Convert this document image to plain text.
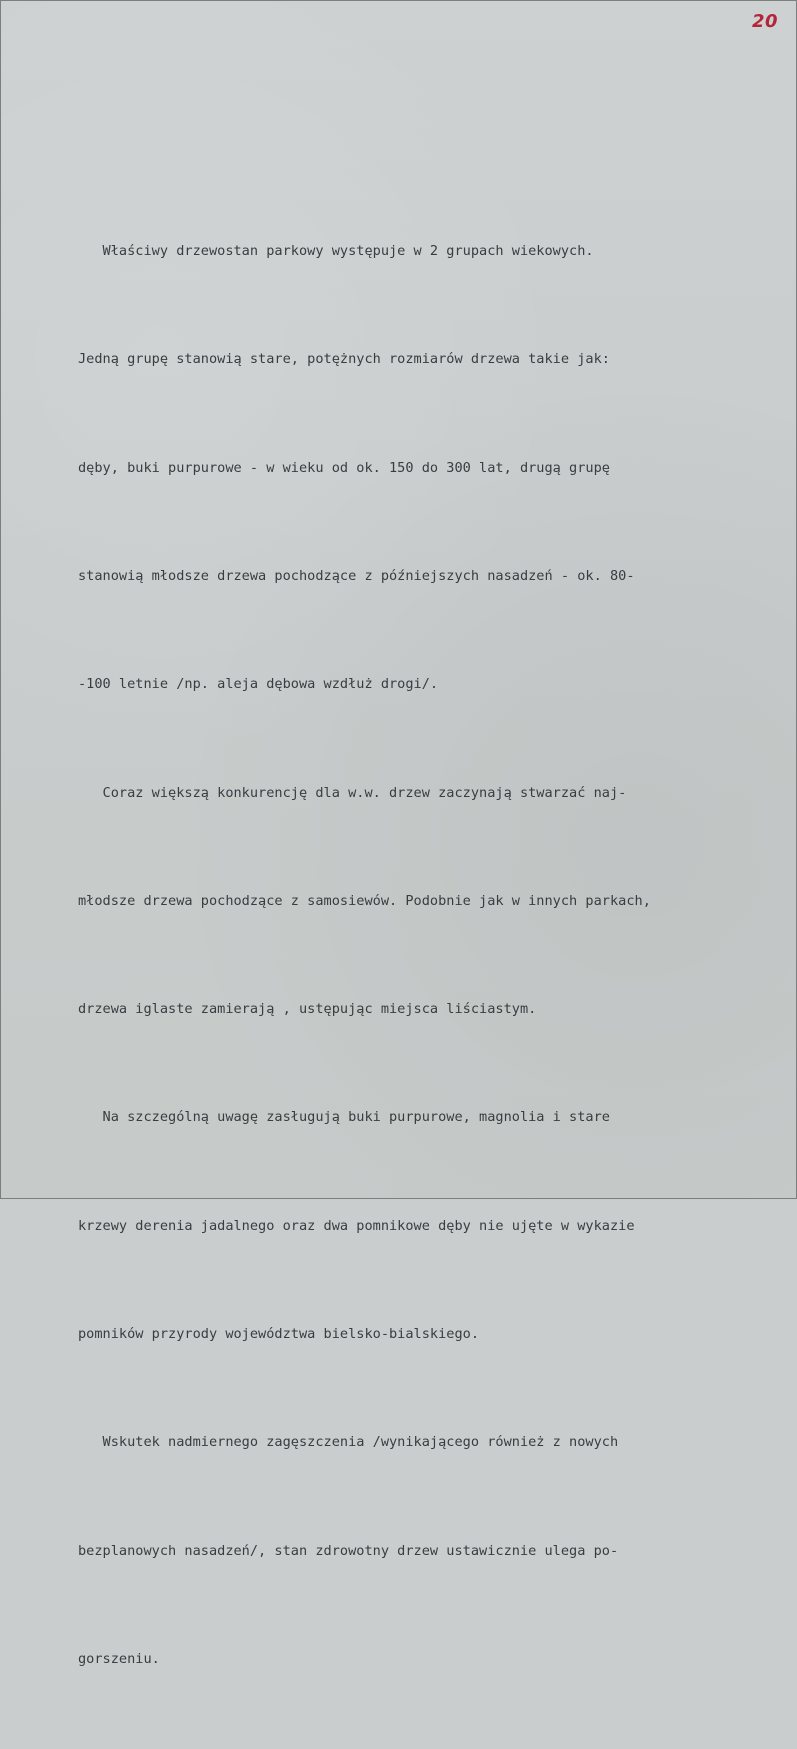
20

Właściwy drzewostan parkowy występuje w 2 grupach wiekowych.

Jedną grupę stanowią stare, potężnych rozmiarów drzewa takie jak:

dęby, buki purpurowe - w wieku od ok. 150 do 300 lat, drugą grupę

stanowią młodsze drzewa pochodzące z późniejszych nasadzeń - ok. 80-

-100 letnie /np. aleja dębowa wzdłuż drogi/.

Coraz większą konkurencję dla w.w. drzew zaczynają stwarzać naj-

młodsze drzewa pochodzące z samosiewów. Podobnie jak w innych parkach,

drzewa iglaste zamierają , ustępując miejsca liściastym.

Na szczególną uwagę zasługują buki purpurowe, magnolia i stare

krzewy derenia jadalnego oraz dwa pomnikowe dęby nie ujęte w wykazie

pomników przyrody województwa bielsko-bialskiego.

Wskutek nadmiernego zagęszczenia /wynikającego również z nowych

bezplanowych nasadzeń/, stan zdrowotny drzew ustawicznie ulega po-

gorszeniu.
